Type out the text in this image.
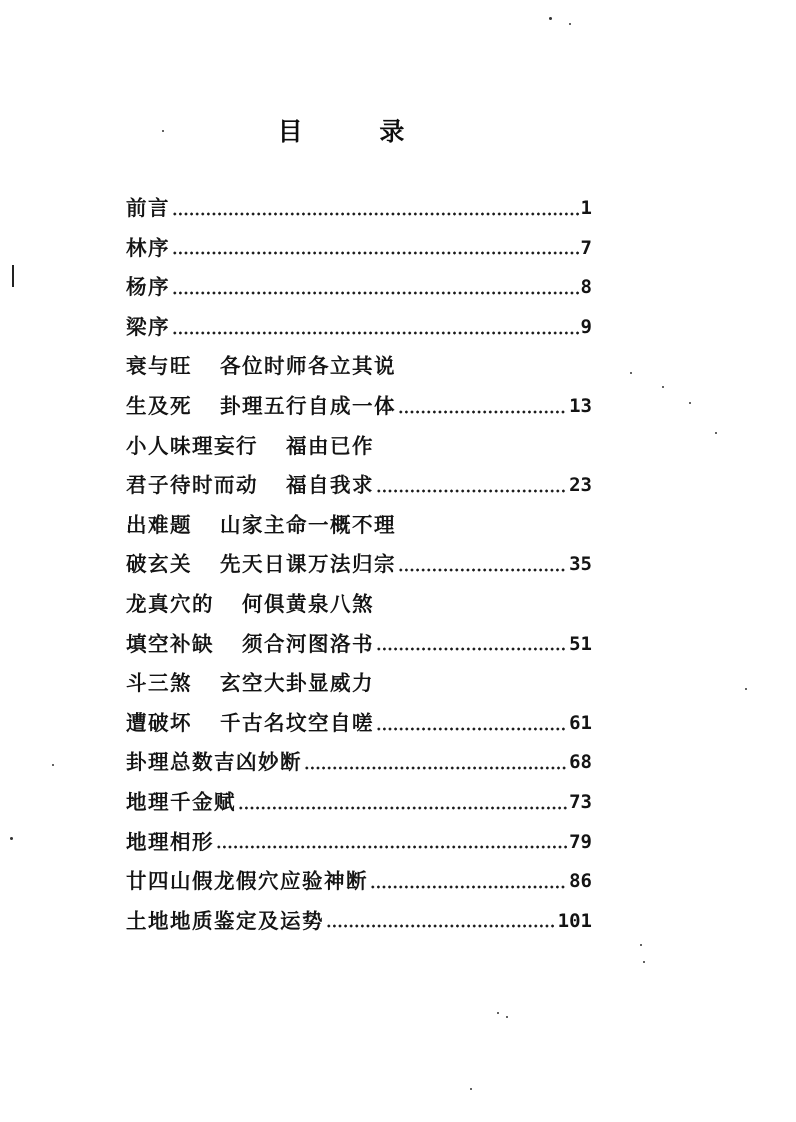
目 录
前言	1
林序	7
杨序	8
梁序	9
衰与旺 各位时师各立其说
生及死 卦理五行自成一体	13
小人味理妄行 福由已作
君子待时而动 福自我求	23
出难题 山家主命一概不理
破玄关 先天日课万法归宗	35
龙真穴的 何俱黄泉八煞
填空补缺 须合河图洛书	51
斗三煞 玄空大卦显威力
遭破坏 千古名坟空自嗟	61
卦理总数吉凶妙断	68
地理千金赋	73
地理相形	79
廿四山假龙假穴应验神断	86
土地地质鉴定及运势	101
